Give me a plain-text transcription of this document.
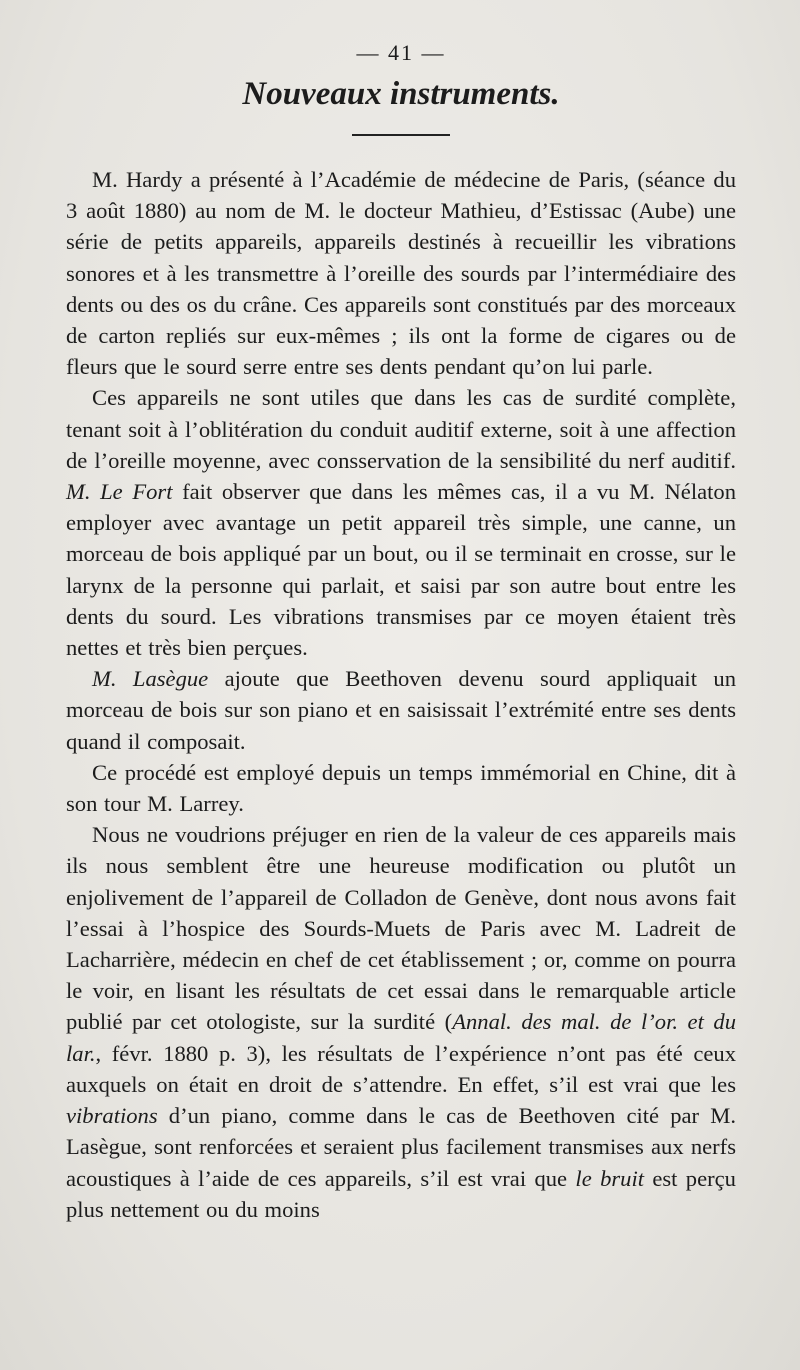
— 41 —
Nouveaux instruments.

M. Hardy a présenté à l’Académie de médecine de Paris, (séance du 3 août 1880) au nom de M. le docteur Mathieu, d’Estissac (Aube) une série de petits appareils, appareils destinés à recueillir les vibrations sonores et à les transmettre à l’oreille des sourds par l’intermédiaire des dents ou des os du crâne. Ces appareils sont constitués par des morceaux de carton repliés sur eux-mêmes ; ils ont la forme de cigares ou de fleurs que le sourd serre entre ses dents pendant qu’on lui parle.

Ces appareils ne sont utiles que dans les cas de surdité complète, tenant soit à l’oblitération du conduit auditif externe, soit à une affection de l’oreille moyenne, avec consservation de la sensibilité du nerf auditif. M. Le Fort fait observer que dans les mêmes cas, il a vu M. Nélaton employer avec avantage un petit appareil très simple, une canne, un morceau de bois appliqué par un bout, ou il se terminait en crosse, sur le larynx de la personne qui parlait, et saisi par son autre bout entre les dents du sourd. Les vibrations transmises par ce moyen étaient très nettes et très bien perçues.

M. Lasègue ajoute que Beethoven devenu sourd appliquait un morceau de bois sur son piano et en saisissait l’extrémité entre ses dents quand il composait.

Ce procédé est employé depuis un temps immémorial en Chine, dit à son tour M. Larrey.

Nous ne voudrions préjuger en rien de la valeur de ces appareils mais ils nous semblent être une heureuse modification ou plutôt un enjolivement de l’appareil de Colladon de Genève, dont nous avons fait l’essai à l’hospice des Sourds-Muets de Paris avec M. Ladreit de Lacharrière, médecin en chef de cet établissement ; or, comme on pourra le voir, en lisant les résultats de cet essai dans le remarquable article publié par cet otologiste, sur la surdité (Annal. des mal. de l’or. et du lar., févr. 1880 p. 3), les résultats de l’expérience n’ont pas été ceux auxquels on était en droit de s’attendre. En effet, s’il est vrai que les vibrations d’un piano, comme dans le cas de Beethoven cité par M. Lasègue, sont renforcées et seraient plus facilement transmises aux nerfs acoustiques à l’aide de ces appareils, s’il est vrai que le bruit est perçu plus nettement ou du moins
